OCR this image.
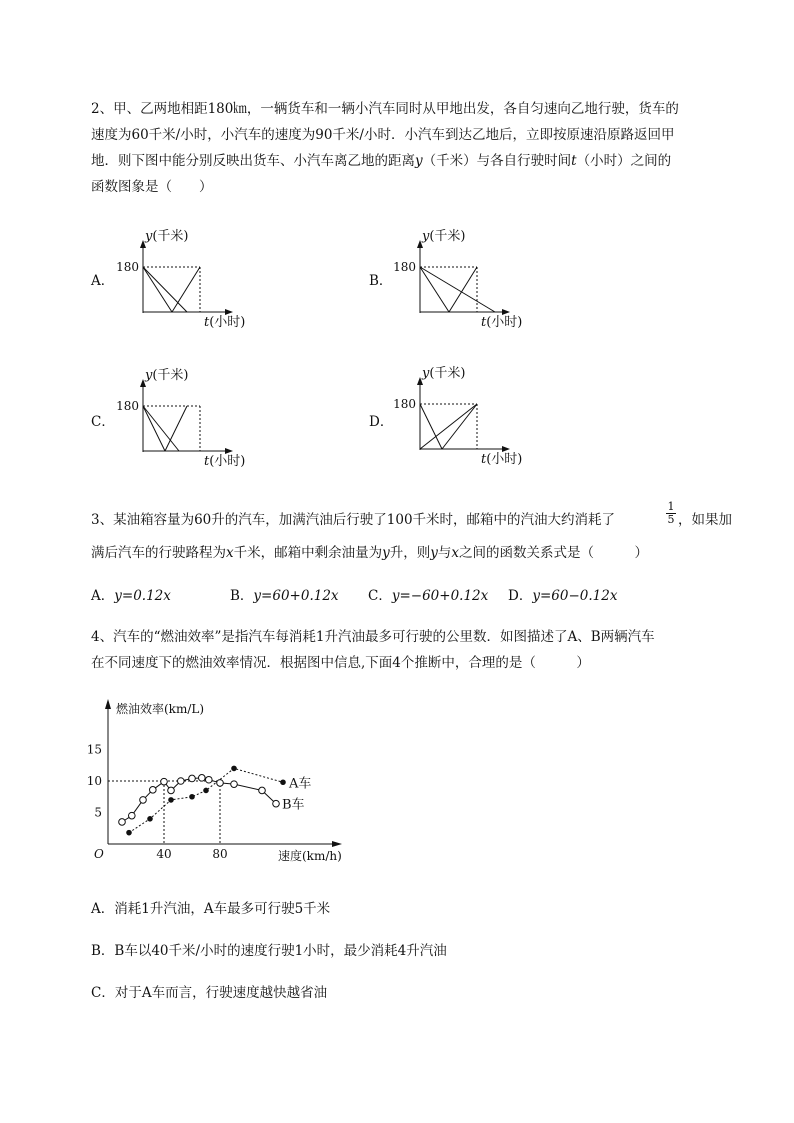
2、甲、乙两地相距180㎞，一辆货车和一辆小汽车同时从甲地出发，各自匀速向乙地行驶，货车的
速度为60千米/小时，小汽车的速度为90千米/小时．小汽车到达乙地后，立即按原速沿原路返回甲
地．则下图中能分别反映出货车、小汽车离乙地的距离y（千米）与各自行驶时间t（小时）之间的
函数图象是（　　）
A．
y(千米)
t(小时)
180
B．
y(千米)
t(小时)
180
C．
y(千米)
t(小时)
180
D．
y(千米)
t(小时)
180
3、某油箱容量为60升的汽车，加满汽油后行驶了100千米时，邮箱中的汽油大约消耗了	$\frac{1}{5}$ ，如果加
满后汽车的行驶路程为x千米，邮箱中剩余油量为y升，则y与x之间的函数关系式是（　　　）
A．y=0.12x	B．y=60+0.12x C．y=−60+0.12x D．y=60−0.12x
4、汽车的“燃油效率”是指汽车每消耗1升汽油最多可行驶的公里数．如图描述了A、B两辆汽车
在不同速度下的燃油效率情况．根据图中信息,下面4个推断中，合理的是（　　　）
燃油效率(km/L)
速度(km/h)
O
5
10
15
40	80
A车
B车
A．消耗1升汽油，A车最多可行驶5千米
B．B车以40千米/小时的速度行驶1小时，最少消耗4升汽油
C．对于A车而言，行驶速度越快越省油
